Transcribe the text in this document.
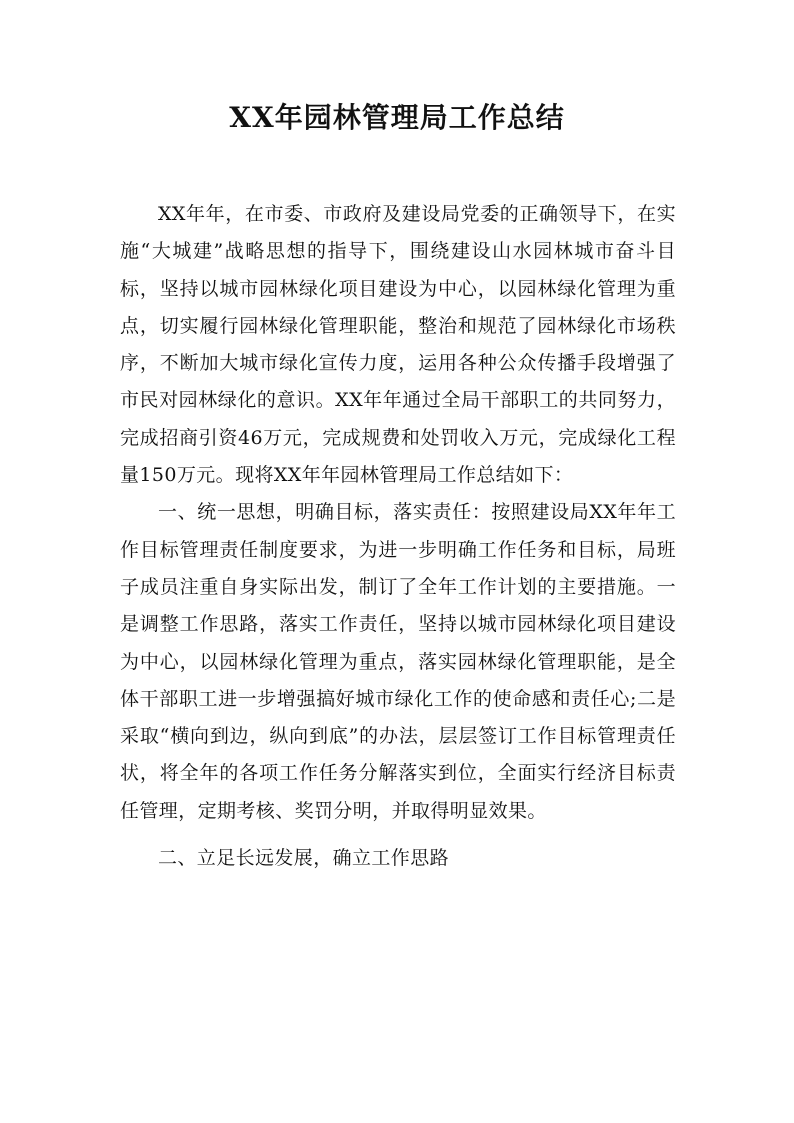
XX年园林管理局工作总结

XX年年，在市委、市政府及建设局党委的正确领导下，在实施“大城建”战略思想的指导下，围绕建设山水园林城市奋斗目标，坚持以城市园林绿化项目建设为中心，以园林绿化管理为重点，切实履行园林绿化管理职能，整治和规范了园林绿化市场秩序，不断加大城市绿化宣传力度，运用各种公众传播手段增强了市民对园林绿化的意识。XX年年通过全局干部职工的共同努力，完成招商引资46万元，完成规费和处罚收入万元，完成绿化工程量150万元。现将XX年年园林管理局工作总结如下：

一、统一思想，明确目标，落实责任：按照建设局XX年年工作目标管理责任制度要求，为进一步明确工作任务和目标，局班子成员注重自身实际出发，制订了全年工作计划的主要措施。一是调整工作思路，落实工作责任，坚持以城市园林绿化项目建设为中心，以园林绿化管理为重点，落实园林绿化管理职能，是全体干部职工进一步增强搞好城市绿化工作的使命感和责任心;二是采取“横向到边，纵向到底”的办法，层层签订工作目标管理责任状，将全年的各项工作任务分解落实到位，全面实行经济目标责任管理，定期考核、奖罚分明，并取得明显效果。

二、立足长远发展，确立工作思路
